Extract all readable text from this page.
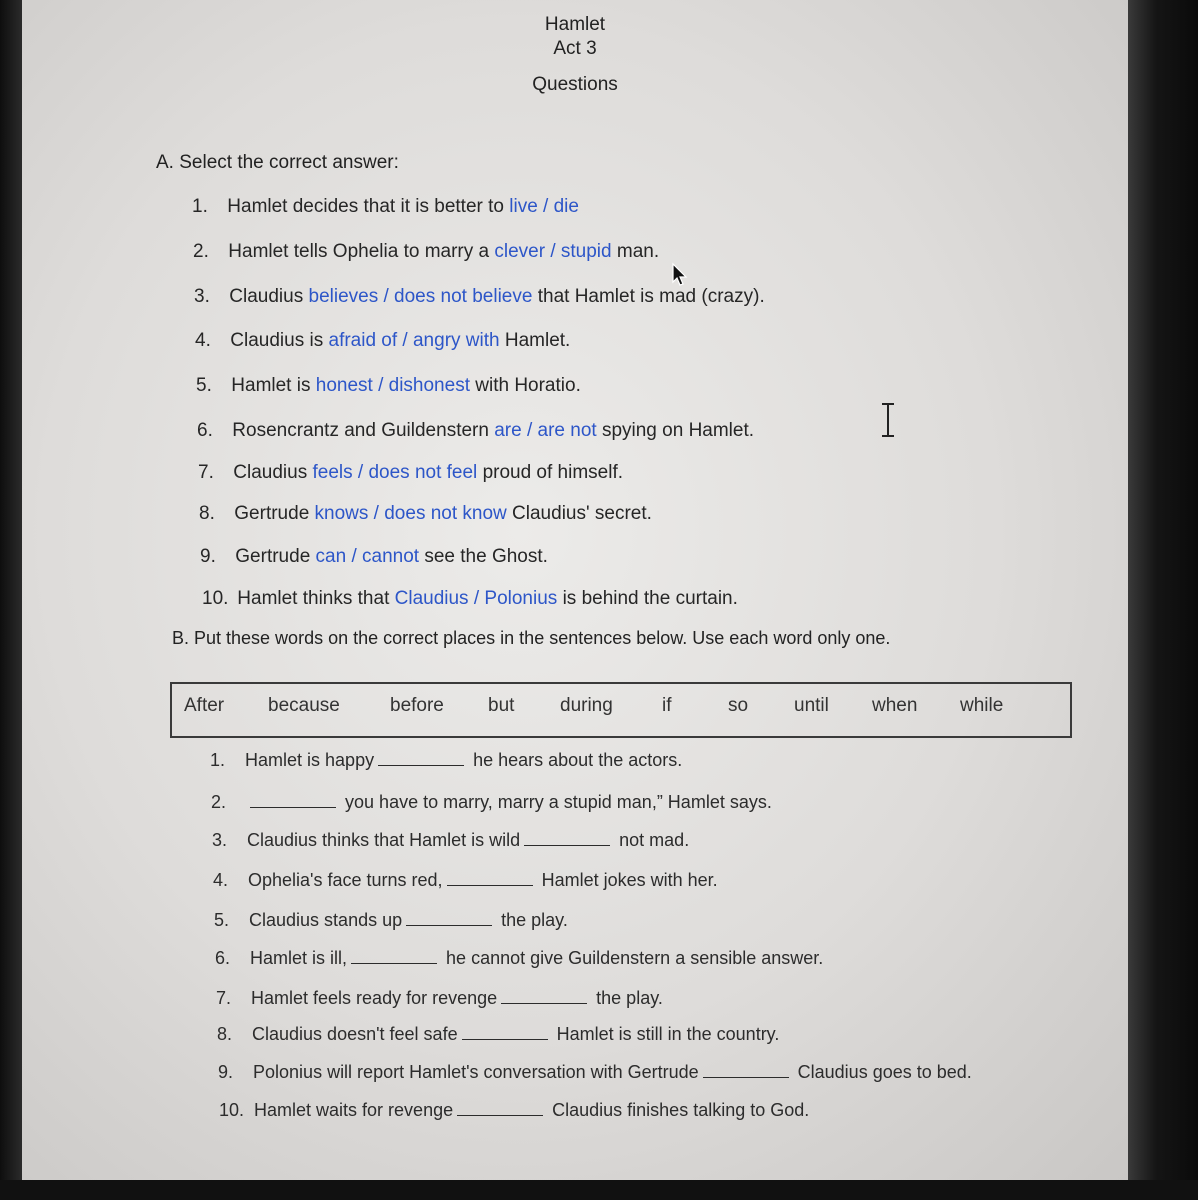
Hamlet
Act 3
Questions
A. Select the correct answer:
1. Hamlet decides that it is better to live / die
2. Hamlet tells Ophelia to marry a clever / stupid man.
3. Claudius believes / does not believe that Hamlet is mad (crazy).
4. Claudius is afraid of / angry with Hamlet.
5. Hamlet is honest / dishonest with Horatio.
6. Rosencrantz and Guildenstern are / are not spying on Hamlet.
7. Claudius feels / does not feel proud of himself.
8. Gertrude knows / does not know Claudius' secret.
9. Gertrude can / cannot see the Ghost.
10. Hamlet thinks that Claudius / Polonius is behind the curtain.
B. Put these words on the correct places in the sentences below. Use each word only one.
After because	before but during	if	so until when while
1. Hamlet is happy	he hears about the actors.
2.	you have to marry, marry a stupid man,” Hamlet says.
3. Claudius thinks that Hamlet is wild	not mad.
4. Ophelia's face turns red,	Hamlet jokes with her.
5. Claudius stands up	the play.
6. Hamlet is ill,	he cannot give Guildenstern a sensible answer.
7. Hamlet feels ready for revenge	the play.
8. Claudius doesn't feel safe	Hamlet is still in the country.
9. Polonius will report Hamlet's conversation with Gertrude	Claudius goes to bed.
10. Hamlet waits for revenge	Claudius finishes talking to God.
